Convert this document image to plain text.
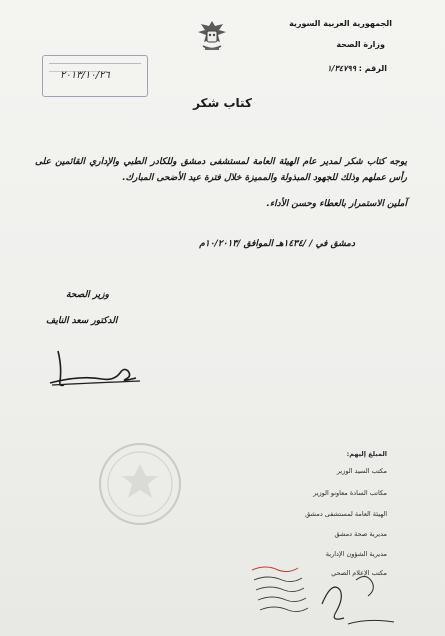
الجمهورية العربية السورية
وزارة الصحة
الرقم : ١/٣٤٧٩٩
٢٠١٣/١٠/٢٦
كتاب شكر
يوجه كتاب شكر لمدير عام الهيئة العامة لمستشفى دمشق وللكادر الطبي والإداري القائمين على رأس عملهم وذلك للجهود المبذولة والمميزة خلال فترة عيد الأضحى المبارك.
آملين الاستمرار بالعطاء وحسن الأداء.
دمشق في / /١٤٣٤هـ الموافق /١٠/٢٠١٣م
وزير الصحة
الدكتور سعد النايف
المبلغ إليهم:
مكتب السيد الوزير
مكاتب السادة معاونو الوزير
الهيئة العامة لمستشفى دمشق
مديرية صحة دمشق
مديرية الشؤون الإدارية
مكتب الإعلام الصحي
